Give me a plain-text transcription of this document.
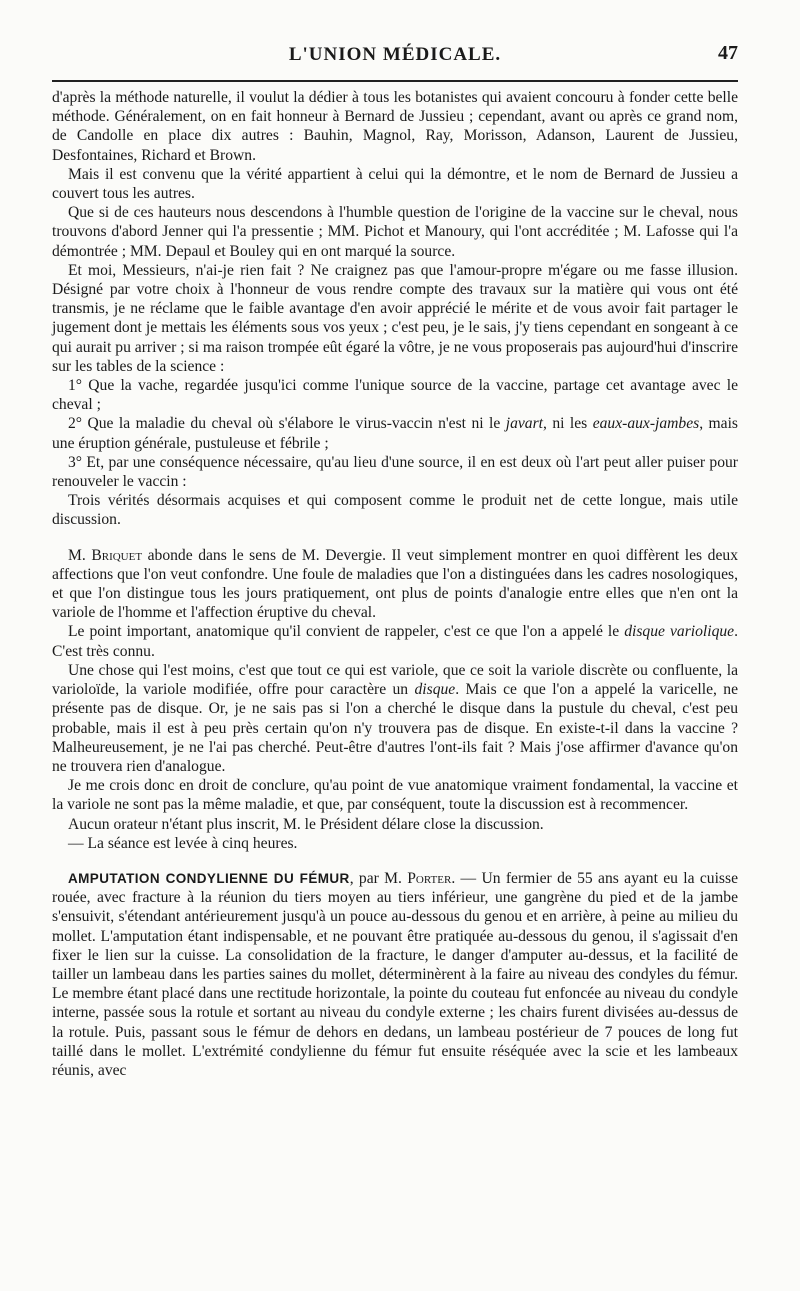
L'UNION MÉDICALE.	47

d'après la méthode naturelle, il voulut la dédier à tous les botanistes qui avaient concouru à fonder cette belle méthode. Généralement, on en fait honneur à Bernard de Jussieu ; cependant, avant ou après ce grand nom, de Candolle en place dix autres : Bauhin, Magnol, Ray, Morisson, Adanson, Laurent de Jussieu, Desfontaines, Richard et Brown.

Mais il est convenu que la vérité appartient à celui qui la démontre, et le nom de Bernard de Jussieu a couvert tous les autres.

Que si de ces hauteurs nous descendons à l'humble question de l'origine de la vaccine sur le cheval, nous trouvons d'abord Jenner qui l'a pressentie ; MM. Pichot et Manoury, qui l'ont accréditée ; M. Lafosse qui l'a démontrée ; MM. Depaul et Bouley qui en ont marqué la source.

Et moi, Messieurs, n'ai-je rien fait ? Ne craignez pas que l'amour-propre m'égare ou me fasse illusion. Désigné par votre choix à l'honneur de vous rendre compte des travaux sur la matière qui vous ont été transmis, je ne réclame que le faible avantage d'en avoir apprécié le mérite et de vous avoir fait partager le jugement dont je mettais les éléments sous vos yeux ; c'est peu, je le sais, j'y tiens cependant en songeant à ce qui aurait pu arriver ; si ma raison trompée eût égaré la vôtre, je ne vous proposerais pas aujourd'hui d'inscrire sur les tables de la science :

1° Que la vache, regardée jusqu'ici comme l'unique source de la vaccine, partage cet avantage avec le cheval ;

2° Que la maladie du cheval où s'élabore le virus-vaccin n'est ni le javart, ni les eaux-aux-jambes, mais une éruption générale, pustuleuse et fébrile ;

3° Et, par une conséquence nécessaire, qu'au lieu d'une source, il en est deux où l'art peut aller puiser pour renouveler le vaccin :

Trois vérités désormais acquises et qui composent comme le produit net de cette longue, mais utile discussion.

M. Briquet abonde dans le sens de M. Devergie. Il veut simplement montrer en quoi diffèrent les deux affections que l'on veut confondre. Une foule de maladies que l'on a distinguées dans les cadres nosologiques, et que l'on distingue tous les jours pratiquement, ont plus de points d'analogie entre elles que n'en ont la variole de l'homme et l'affection éruptive du cheval.

Le point important, anatomique qu'il convient de rappeler, c'est ce que l'on a appelé le disque variolique. C'est très connu.

Une chose qui l'est moins, c'est que tout ce qui est variole, que ce soit la variole discrète ou confluente, la varioloïde, la variole modifiée, offre pour caractère un disque. Mais ce que l'on a appelé la varicelle, ne présente pas de disque. Or, je ne sais pas si l'on a cherché le disque dans la pustule du cheval, c'est peu probable, mais il est à peu près certain qu'on n'y trouvera pas de disque. En existe-t-il dans la vaccine ? Malheureusement, je ne l'ai pas cherché. Peut-être d'autres l'ont-ils fait ? Mais j'ose affirmer d'avance qu'on ne trouvera rien d'analogue.

Je me crois donc en droit de conclure, qu'au point de vue anatomique vraiment fondamental, la vaccine et la variole ne sont pas la même maladie, et que, par conséquent, toute la discussion est à recommencer.

Aucun orateur n'étant plus inscrit, M. le Président délare close la discussion.

— La séance est levée à cinq heures.

AMPUTATION CONDYLIENNE DU FÉMUR, par M. Porter. — Un fermier de 55 ans ayant eu la cuisse rouée, avec fracture à la réunion du tiers moyen au tiers inférieur, une gangrène du pied et de la jambe s'ensuivit, s'étendant antérieurement jusqu'à un pouce au-dessous du genou et en arrière, à peine au milieu du mollet. L'amputation étant indispensable, et ne pouvant être pratiquée au-dessous du genou, il s'agissait d'en fixer le lien sur la cuisse. La consolidation de la fracture, le danger d'amputer au-dessus, et la facilité de tailler un lambeau dans les parties saines du mollet, déterminèrent à la faire au niveau des condyles du fémur. Le membre étant placé dans une rectitude horizontale, la pointe du couteau fut enfoncée au niveau du condyle interne, passée sous la rotule et sortant au niveau du condyle externe ; les chairs furent divisées au-dessus de la rotule. Puis, passant sous le fémur de dehors en dedans, un lambeau postérieur de 7 pouces de long fut taillé dans le mollet. L'extrémité condylienne du fémur fut ensuite réséquée avec la scie et les lambeaux réunis, avec
